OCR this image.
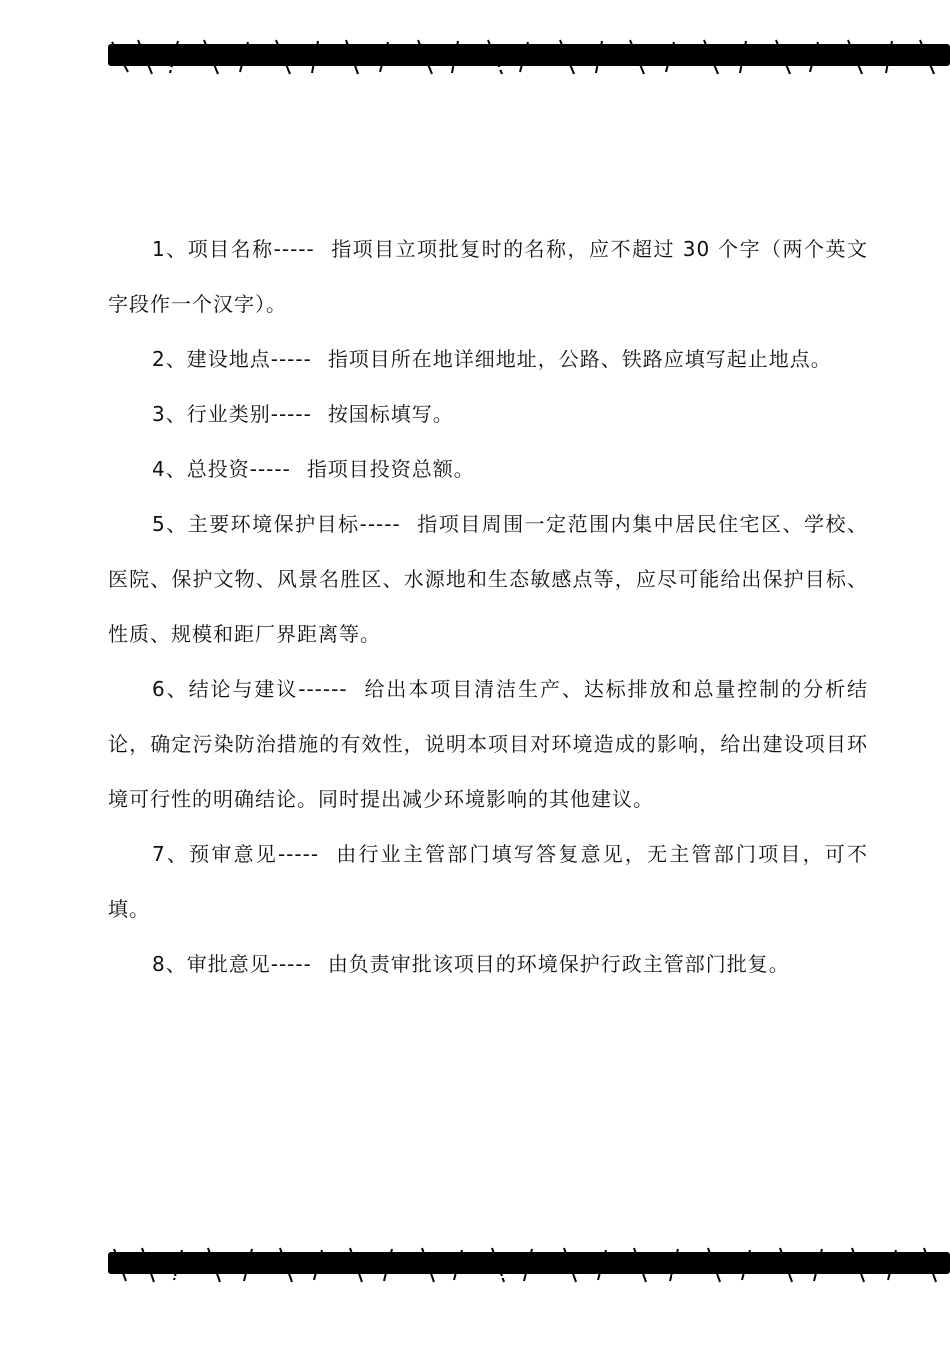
1、项目名称----- 指项目立项批复时的名称，应不超过 30 个字（两个英文字段作一个汉字）。

2、建设地点----- 指项目所在地详细地址，公路、铁路应填写起止地点。

3、行业类别----- 按国标填写。

4、总投资----- 指项目投资总额。

5、主要环境保护目标----- 指项目周围一定范围内集中居民住宅区、学校、医院、保护文物、风景名胜区、水源地和生态敏感点等，应尽可能给出保护目标、性质、规模和距厂界距离等。

6、结论与建议------ 给出本项目清洁生产、达标排放和总量控制的分析结论，确定污染防治措施的有效性，说明本项目对环境造成的影响，给出建设项目环境可行性的明确结论。同时提出减少环境影响的其他建议。

7、预审意见----- 由行业主管部门填写答复意见，无主管部门项目，可不填。

8、审批意见----- 由负责审批该项目的环境保护行政主管部门批复。
